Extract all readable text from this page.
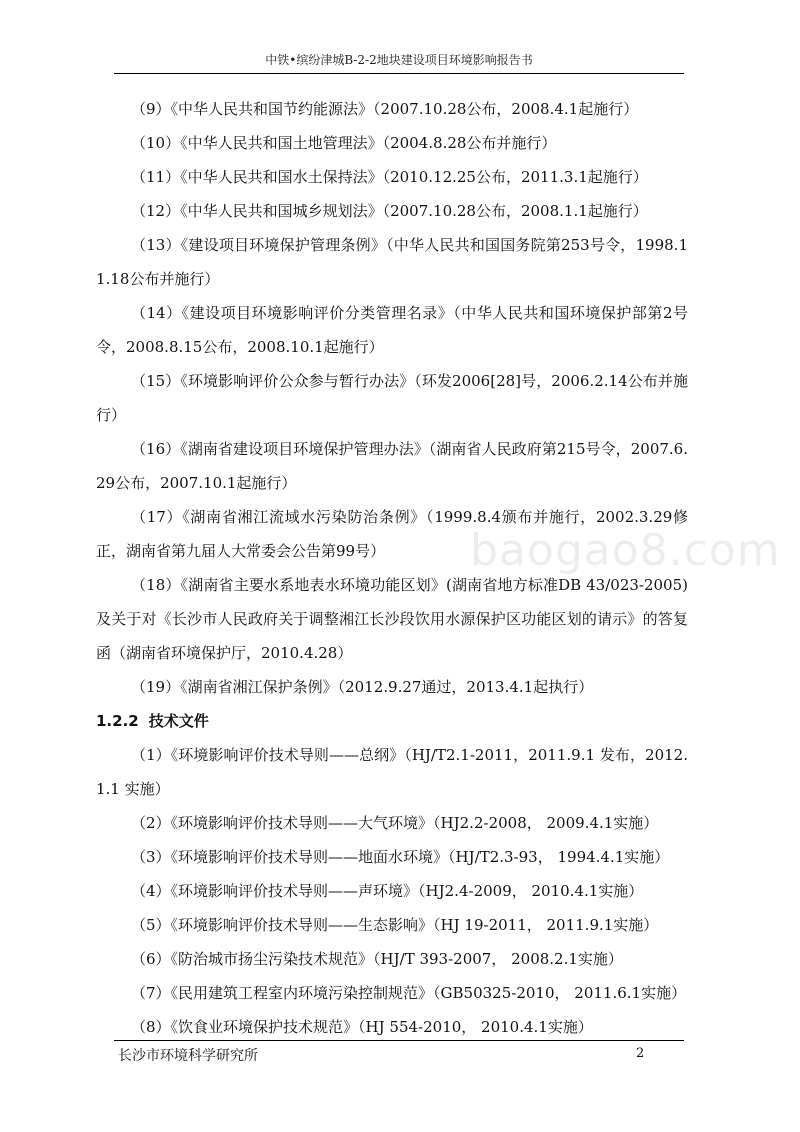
中铁•缤纷津城B-2-2地块建设项目环境影响报告书
baogao8.com

（9）《中华人民共和国节约能源法》（2007.10.28公布，2008.4.1起施行）

（10）《中华人民共和国土地管理法》（2004.8.28公布并施行）

（11）《中华人民共和国水土保持法》（2010.12.25公布，2011.3.1起施行）

（12）《中华人民共和国城乡规划法》（2007.10.28公布，2008.1.1起施行）

（13）《建设项目环境保护管理条例》（中华人民共和国国务院第253号令，1998.11.18公布并施行）

（14）《建设项目环境影响评价分类管理名录》（中华人民共和国环境保护部第2号令，2008.8.15公布，2008.10.1起施行）

（15）《环境影响评价公众参与暂行办法》（环发2006[28]号，2006.2.14公布并施行）

（16）《湖南省建设项目环境保护管理办法》（湖南省人民政府第215号令，2007.6.29公布，2007.10.1起施行）

（17）《湖南省湘江流域水污染防治条例》（1999.8.4颁布并施行，2002.3.29修正，湖南省第九届人大常委会公告第99号）

（18）《湖南省主要水系地表水环境功能区划》(湖南省地方标准DB 43/023-2005)及关于对《长沙市人民政府关于调整湘江长沙段饮用水源保护区功能区划的请示》的答复函（湖南省环境保护厅，2010.4.28）

（19）《湖南省湘江保护条例》（2012.9.27通过，2013.4.1起执行）

1.2.2 技术文件

（1）《环境影响评价技术导则——总纲》（HJ/T2.1-2011，2011.9.1 发布，2012.1.1 实施）

（2）《环境影响评价技术导则——大气环境》（HJ2.2-2008， 2009.4.1实施）

（3）《环境影响评价技术导则——地面水环境》（HJ/T2.3-93， 1994.4.1实施）

（4）《环境影响评价技术导则——声环境》（HJ2.4-2009， 2010.4.1实施）

（5）《环境影响评价技术导则——生态影响》（HJ 19-2011， 2011.9.1实施）

（6）《防治城市扬尘污染技术规范》（HJ/T 393-2007， 2008.2.1实施）

（7）《民用建筑工程室内环境污染控制规范》（GB50325-2010， 2011.6.1实施）

（8）《饮食业环境保护技术规范》（HJ 554-2010， 2010.4.1实施）

长沙市环境科学研究所	2
